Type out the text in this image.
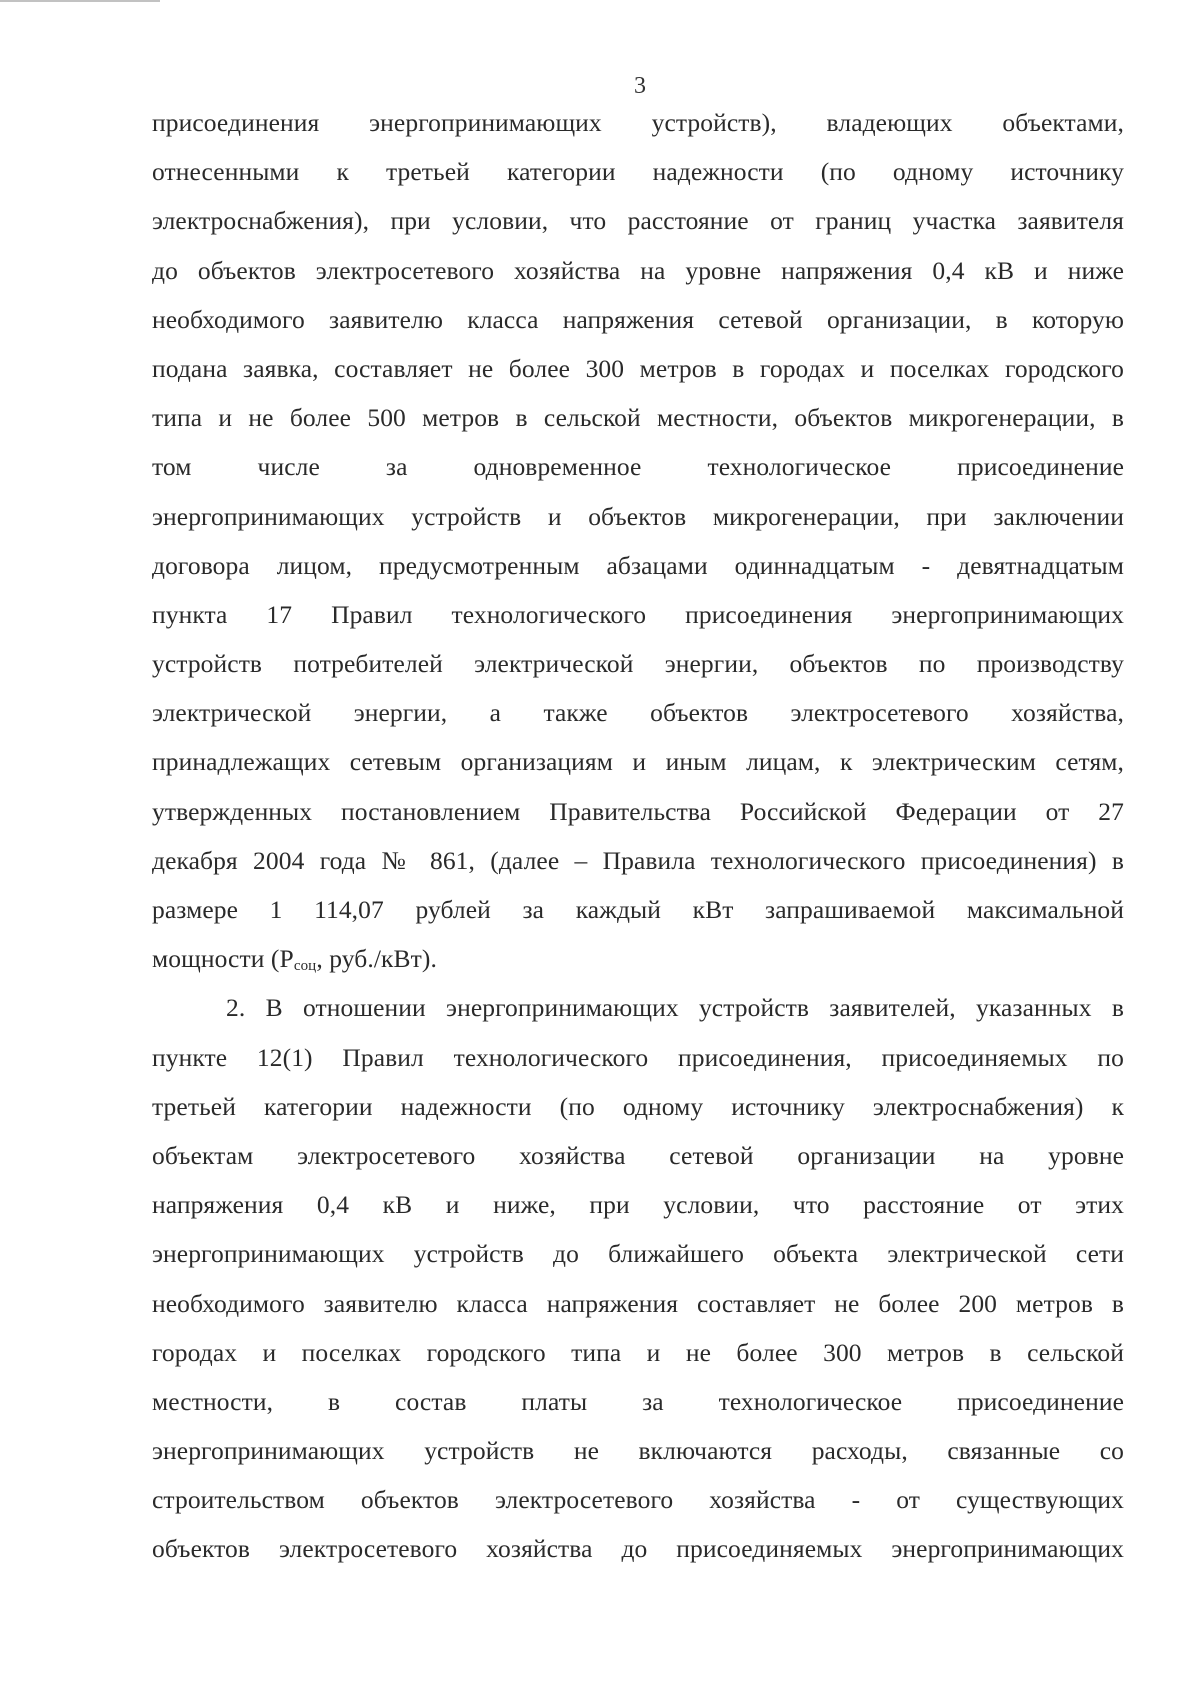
3
присоединения энергопринимающих устройств), владеющих объектами,
отнесенными к третьей категории надежности (по одному источнику
электроснабжения), при условии, что расстояние от границ участка заявителя
до объектов электросетевого хозяйства на уровне напряжения 0,4 кВ и ниже
необходимого заявителю класса напряжения сетевой организации, в которую
подана заявка, составляет не более 300 метров в городах и поселках городского
типа и не более 500 метров в сельской местности, объектов микрогенерации, в
том числе за одновременное технологическое присоединение
энергопринимающих устройств и объектов микрогенерации, при заключении
договора лицом, предусмотренным абзацами одиннадцатым - девятнадцатым
пункта 17 Правил технологического присоединения энергопринимающих
устройств потребителей электрической энергии, объектов по производству
электрической энергии, а также объектов электросетевого хозяйства,
принадлежащих сетевым организациям и иным лицам, к электрическим сетям,
утвержденных постановлением Правительства Российской Федерации от 27
декабря 2004 года № 861, (далее – Правила технологического присоединения) в
размере 1 114,07 рублей за каждый кВт запрашиваемой максимальной
мощности ($P_{соц}$, руб./кВт).
2. В отношении энергопринимающих устройств заявителей, указанных в
пункте 12(1) Правил технологического присоединения, присоединяемых по
третьей категории надежности (по одному источнику электроснабжения) к
объектам электросетевого хозяйства сетевой организации на уровне
напряжения 0,4 кВ и ниже, при условии, что расстояние от этих
энергопринимающих устройств до ближайшего объекта электрической сети
необходимого заявителю класса напряжения составляет не более 200 метров в
городах и поселках городского типа и не более 300 метров в сельской
местности, в состав платы за технологическое присоединение
энергопринимающих устройств не включаются расходы, связанные со
строительством объектов электросетевого хозяйства - от существующих
объектов электросетевого хозяйства до присоединяемых энергопринимающих
